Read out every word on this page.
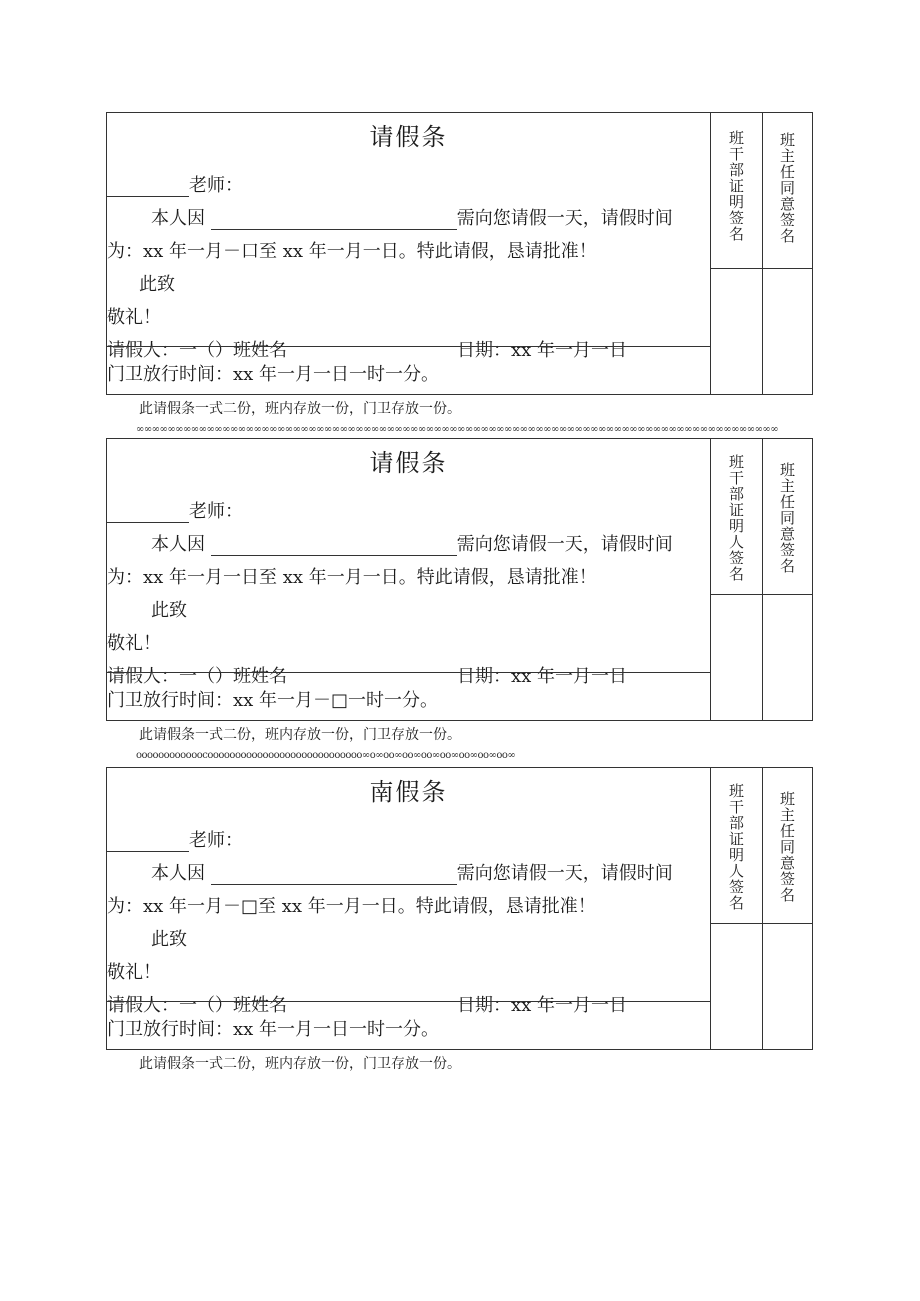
请假条
老师：
本人因	需向您请假一天，请假时间
为：xx 年一月－口至 xx 年一月一日。特此请假，恳请批准！
此致
敬礼！
请假人：一（）班姓名	日期：xx 年一月一日
门卫放行时间：xx 年一月一日一时一分。
班干部证明签名
班主任同意签名
此请假条一式二份，班内存放一份，门卫存放一份。
∞∞∞∞∞∞∞∞∞∞∞∞∞∞∞∞∞∞∞∞∞∞∞∞∞∞∞∞∞∞∞∞∞∞∞∞∞∞∞∞∞∞∞∞∞∞∞∞∞∞∞∞∞∞∞∞∞∞∞∞∞∞∞∞∞∞∞∞∞∞∞∞∞∞∞∞∞∞∞∞∞∞
请假条
老师：
本人因	需向您请假一天，请假时间
为：xx 年一月一日至 xx 年一月一日。特此请假，恳请批准！
此致
敬礼！
请假人：一（）班姓名	日期：xx 年一月一日
门卫放行时间：xx 年一月－□一时一分。
班干部证明人签名
班主任同意签名
此请假条一式二份，班内存放一份，门卫存放一份。
oooooooooooocoooooooooooooooooooooooooooo∞o∞oo∞oo∞oo∞oo∞oo∞oo∞oo∞
南假条
老师：
本人因	需向您请假一天，请假时间
为：xx 年一月－□至 xx 年一月一日。特此请假，恳请批准！
此致
敬礼！
请假人：一（）班姓名	日期：xx 年一月一日
门卫放行时间：xx 年一月一日一时一分。
班干部证明人签名
班主任同意签名
此请假条一式二份，班内存放一份，门卫存放一份。
